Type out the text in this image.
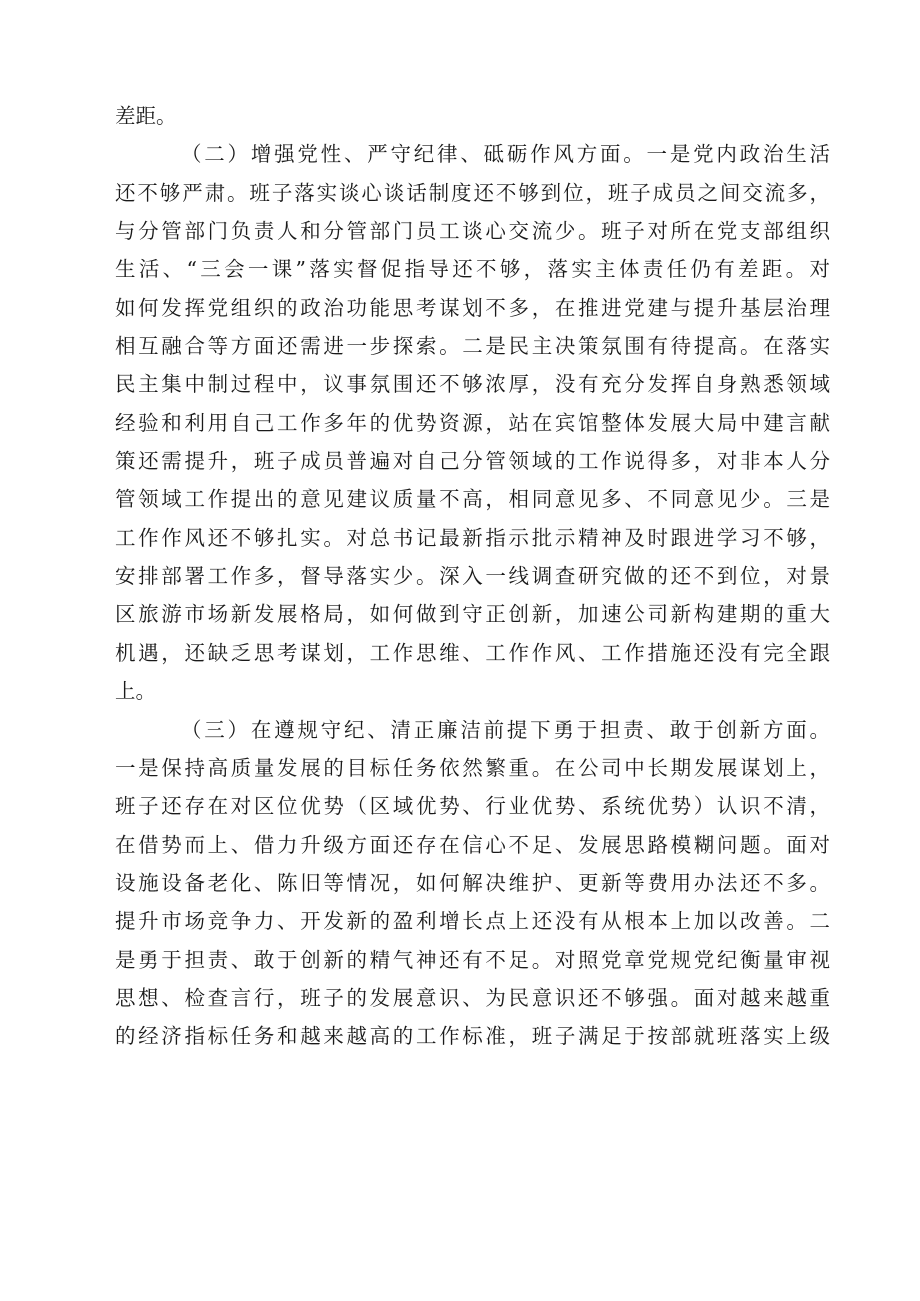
差距。
（二）增强党性、严守纪律、砥砺作风方面。一是党内政治生活
还不够严肃。班子落实谈心谈话制度还不够到位，班子成员之间交流多，
与分管部门负责人和分管部门员工谈心交流少。班子对所在党支部组织
生活、“三会一课”落实督促指导还不够，落实主体责任仍有差距。对
如何发挥党组织的政治功能思考谋划不多，在推进党建与提升基层治理
相互融合等方面还需进一步探索。二是民主决策氛围有待提高。在落实
民主集中制过程中，议事氛围还不够浓厚，没有充分发挥自身熟悉领域
经验和利用自己工作多年的优势资源，站在宾馆整体发展大局中建言献
策还需提升，班子成员普遍对自己分管领域的工作说得多，对非本人分
管领域工作提出的意见建议质量不高，相同意见多、不同意见少。三是
工作作风还不够扎实。对总书记最新指示批示精神及时跟进学习不够，
安排部署工作多，督导落实少。深入一线调查研究做的还不到位，对景
区旅游市场新发展格局，如何做到守正创新，加速公司新构建期的重大
机遇，还缺乏思考谋划，工作思维、工作作风、工作措施还没有完全跟
上。
（三）在遵规守纪、清正廉洁前提下勇于担责、敢于创新方面。
一是保持高质量发展的目标任务依然繁重。在公司中长期发展谋划上，
班子还存在对区位优势（区域优势、行业优势、系统优势）认识不清，
在借势而上、借力升级方面还存在信心不足、发展思路模糊问题。面对
设施设备老化、陈旧等情况，如何解决维护、更新等费用办法还不多。
提升市场竞争力、开发新的盈利增长点上还没有从根本上加以改善。二
是勇于担责、敢于创新的精气神还有不足。对照党章党规党纪衡量审视
思想、检查言行，班子的发展意识、为民意识还不够强。面对越来越重
的经济指标任务和越来越高的工作标准，班子满足于按部就班落实上级
